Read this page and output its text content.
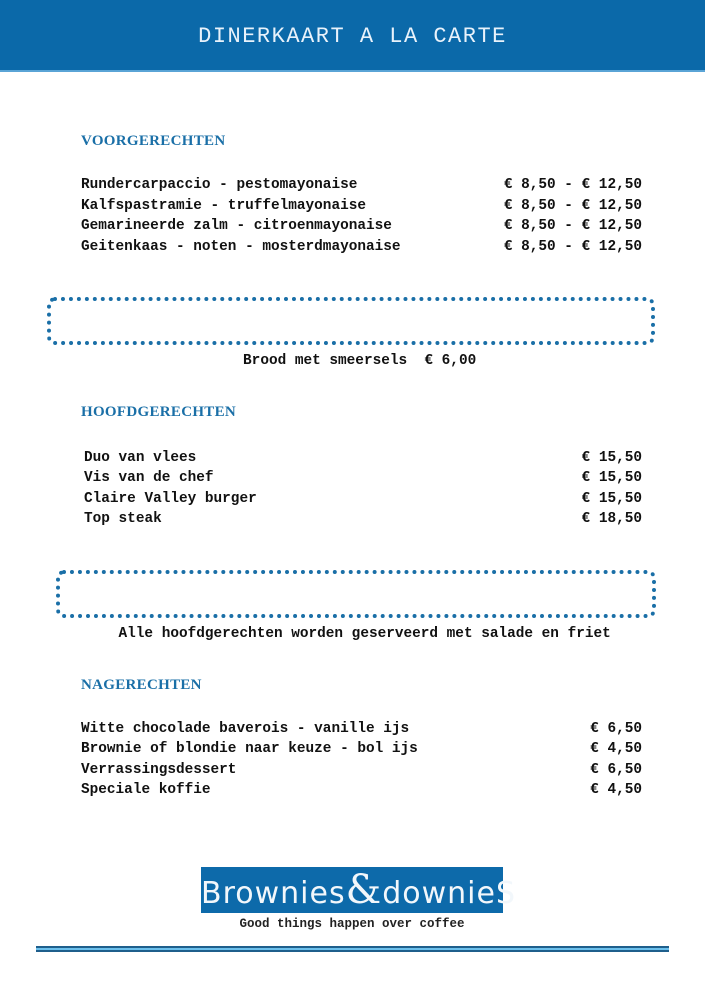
DINERKAART A LA CARTE
VOORGERECHTEN
Rundercarpaccio - pestomayonaise	€ 8,50 - € 12,50
Kalfspastramie - truffelmayonaise	€ 8,50 - € 12,50
Gemarineerde zalm - citroenmayonaise	€ 8,50 - € 12,50
Geitenkaas - noten - mosterdmayonaise	€ 8,50 - € 12,50

Brood met smeersels  € 6,00

HOOFDGERECHTEN
Duo van vlees	€ 15,50
Vis van de chef	€ 15,50
Claire Valley burger	€ 15,50
Top steak	€ 18,50

Alle hoofdgerechten worden geserveerd met salade en friet

NAGERECHTEN
Witte chocolade baverois - vanille ijs	€ 6,50
Brownie of blondie naar keuze - bol ijs	€ 4,50
Verrassingsdessert	€ 6,50
Speciale koffie	€ 4,50
Brownies&downieS
Good things happen over coffee
